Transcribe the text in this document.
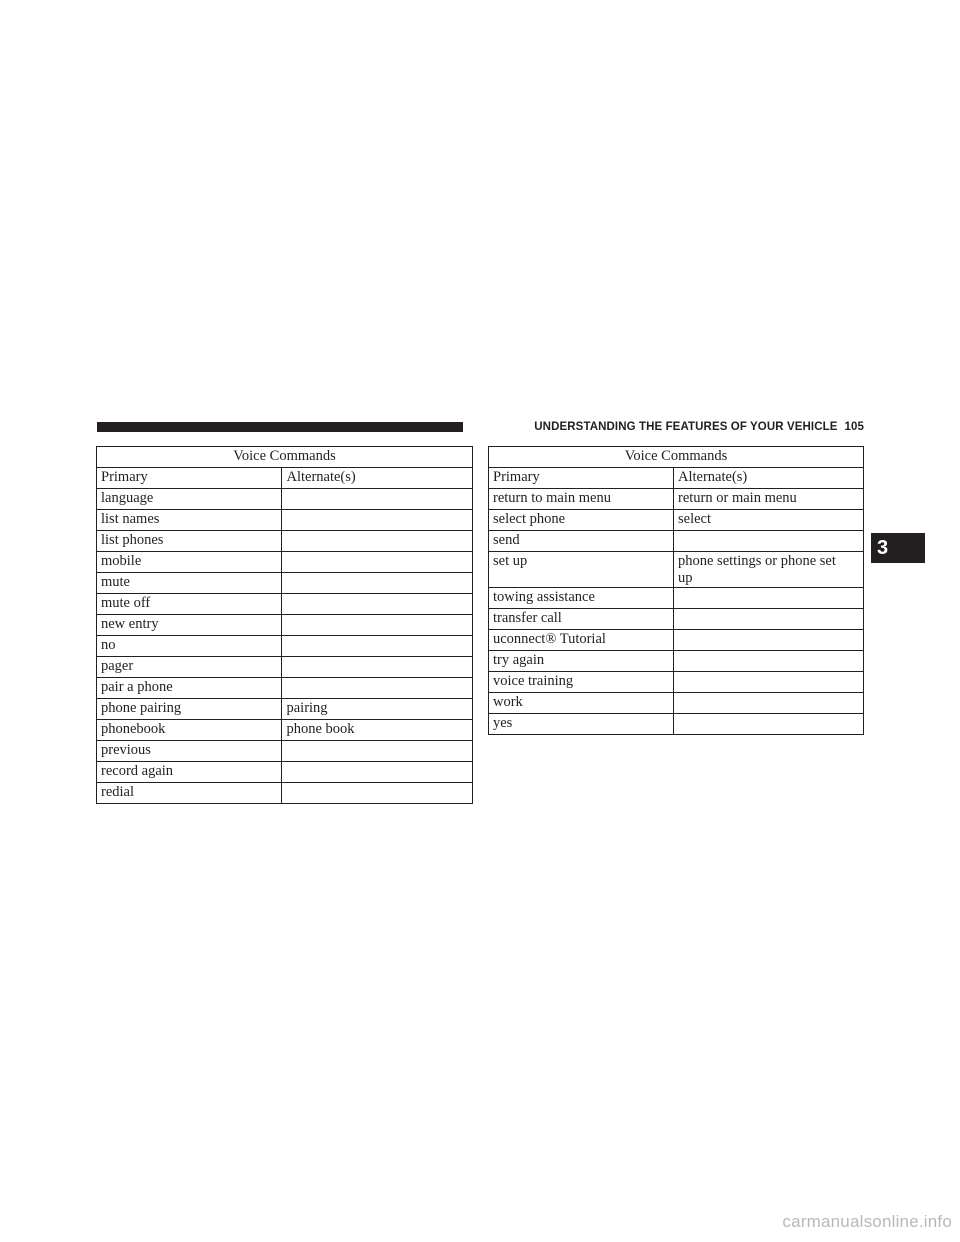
UNDERSTANDING THE FEATURES OF YOUR VEHICLE 105
3
Voice Commands	
Primary	Alternate(s)
language	
list names	
list phones	
mobile	
mute	
mute off	
new entry	
no	
pager	
pair a phone	
phone pairing	pairing
phonebook	phone book
previous	
record again	
redial	
Voice Commands	
Primary	Alternate(s)
return to main menu	return or main menu
select phone	select
send	
set up	phone settings or phone set up
towing assistance	
transfer call	
uconnect® Tutorial	
try again	
voice training	
work	
yes	
carmanualsonline.info
